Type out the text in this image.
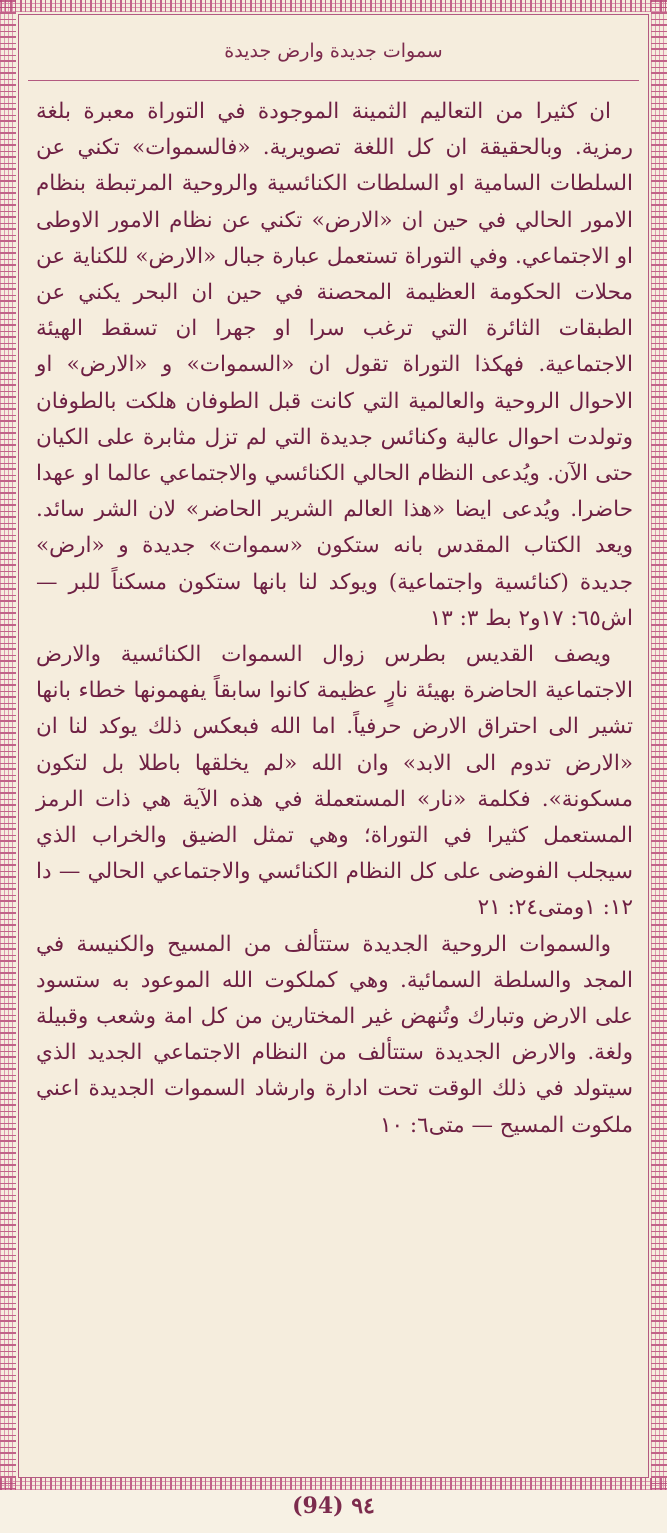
سموات جديدة وارض جديدة

ان كثيرا من التعاليم الثمينة الموجودة في التوراة معبرة بلغة رمزية. وبالحقيقة ان كل اللغة تصويرية. «فالسموات» تكني عن السلطات السامية او السلطات الكنائسية والروحية المرتبطة بنظام الامور الحالي في حين ان «الارض» تكني عن نظام الامور الاوطى او الاجتماعي. وفي التوراة تستعمل عبارة جبال «الارض» للكناية عن محلات الحكومة العظيمة المحصنة في حين ان البحر يكني عن الطبقات الثائرة التي ترغب سرا او جهرا ان تسقط الهيئة الاجتماعية. فهكذا التوراة تقول ان «السموات» و «الارض» او الاحوال الروحية والعالمية التي كانت قبل الطوفان هلكت بالطوفان وتولدت احوال عالية وكنائس جديدة التي لم تزل مثابرة على الكيان حتى الآن. ويُدعى النظام الحالي الكنائسي والاجتماعي عالما او عهدا حاضرا. ويُدعى ايضا «هذا العالم الشرير الحاضر» لان الشر سائد. ويعد الكتاب المقدس بانه ستكون «سموات» جديدة و «ارض» جديدة (كنائسية واجتماعية) ويوكد لنا بانها ستكون مسكناً للبر — اش٦٥: ١٧و٢ بط ٣: ١٣

ويصف القديس بطرس زوال السموات الكنائسية والارض الاجتماعية الحاضرة بهيئة نارٍ عظيمة كانوا سابقاً يفهمونها خطاء بانها تشير الى احتراق الارض حرفياً. اما الله فبعكس ذلك يوكد لنا ان «الارض تدوم الى الابد» وان الله «لم يخلقها باطلا بل لتكون مسكونة». فكلمة «نار» المستعملة في هذه الآية هي ذات الرمز المستعمل كثيرا في التوراة؛ وهي تمثل الضيق والخراب الذي سيجلب الفوضى على كل النظام الكنائسي والاجتماعي الحالي — دا ١٢: ١ومتى٢٤: ٢١

والسموات الروحية الجديدة ستتألف من المسيح والكنيسة في المجد والسلطة السمائية. وهي كملكوت الله الموعود به ستسود على الارض وتبارك وتُنهض غير المختارين من كل امة وشعب وقبيلة ولغة. والارض الجديدة ستتألف من النظام الاجتماعي الجديد الذي سيتولد في ذلك الوقت تحت ادارة وارشاد السموات الجديدة اعني ملكوت المسيح — متى٦: ١٠

(94) ٩٤
